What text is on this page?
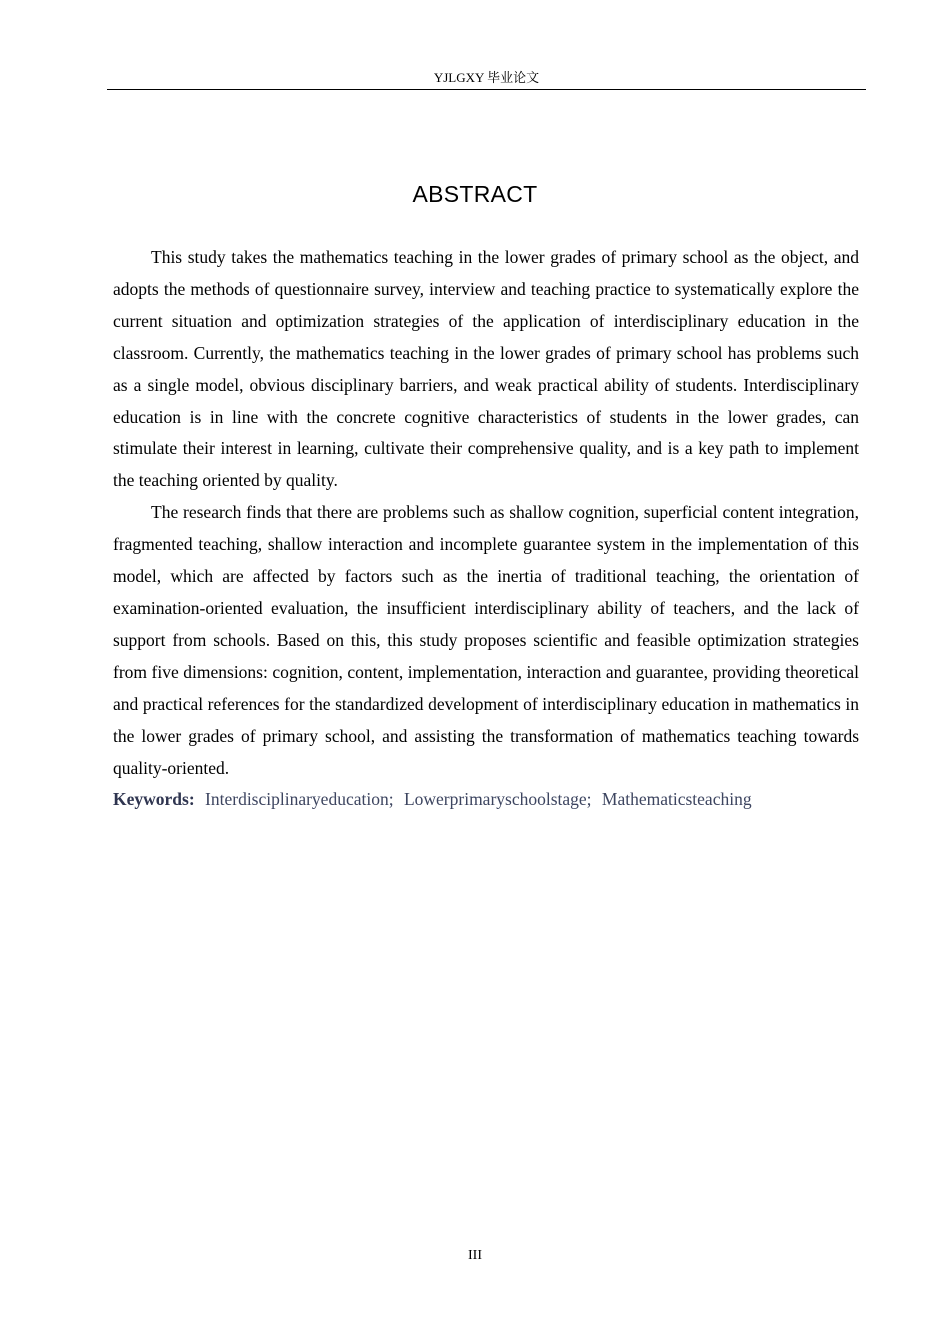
YJLGXY 毕业论文
ABSTRACT

This study takes the mathematics teaching in the lower grades of primary school as the object, and adopts the methods of questionnaire survey, interview and teaching practice to systematically explore the current situation and optimization strategies of the application of interdisciplinary education in the classroom. Currently, the mathematics teaching in the lower grades of primary school has problems such as a single model, obvious disciplinary barriers, and weak practical ability of students. Interdisciplinary education is in line with the concrete cognitive characteristics of students in the lower grades, can stimulate their interest in learning, cultivate their comprehensive quality, and is a key path to implement the teaching oriented by quality.

The research finds that there are problems such as shallow cognition, superficial content integration, fragmented teaching, shallow interaction and incomplete guarantee system in the implementation of this model, which are affected by factors such as the inertia of traditional teaching, the orientation of examination-oriented evaluation, the insufficient interdisciplinary ability of teachers, and the lack of support from schools. Based on this, this study proposes scientific and feasible optimization strategies from five dimensions: cognition, content, implementation, interaction and guarantee, providing theoretical and practical references for the standardized development of interdisciplinary education in mathematics in the lower grades of primary school, and assisting the transformation of mathematics teaching towards quality-oriented.

Keywords: Interdisciplinaryeducation; Lowerprimaryschoolstage; Mathematicsteaching

III
